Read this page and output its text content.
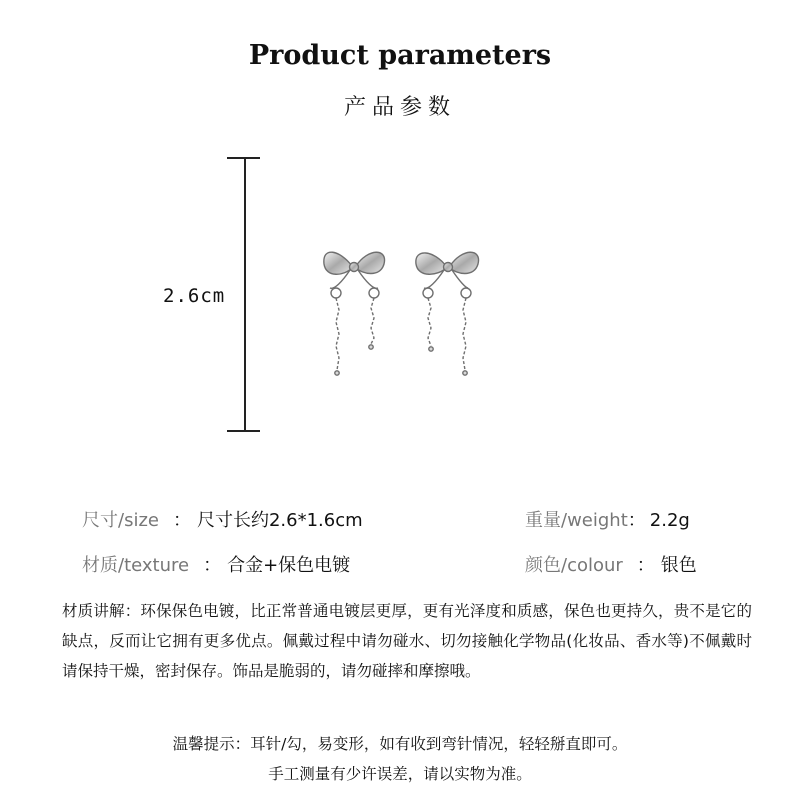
Product parameters
产品参数
2.6cm
尺寸/size ： 尺寸长约2.6*1.6cm	重量/weight： 2.2g
材质/texture ： 合金+保色电镀	颜色/colour ： 银色
材质讲解：环保保色电镀，比正常普通电镀层更厚，更有光泽度和质感，保色也更持久，贵不是它的缺点，反而让它拥有更多优点。佩戴过程中请勿碰水、切勿接触化学物品(化妆品、香水等)不佩戴时请保持干燥，密封保存。饰品是脆弱的，请勿碰摔和摩擦哦。
温馨提示：耳针/勾，易变形，如有收到弯针情况，轻轻掰直即可。
手工测量有少许误差，请以实物为准。
